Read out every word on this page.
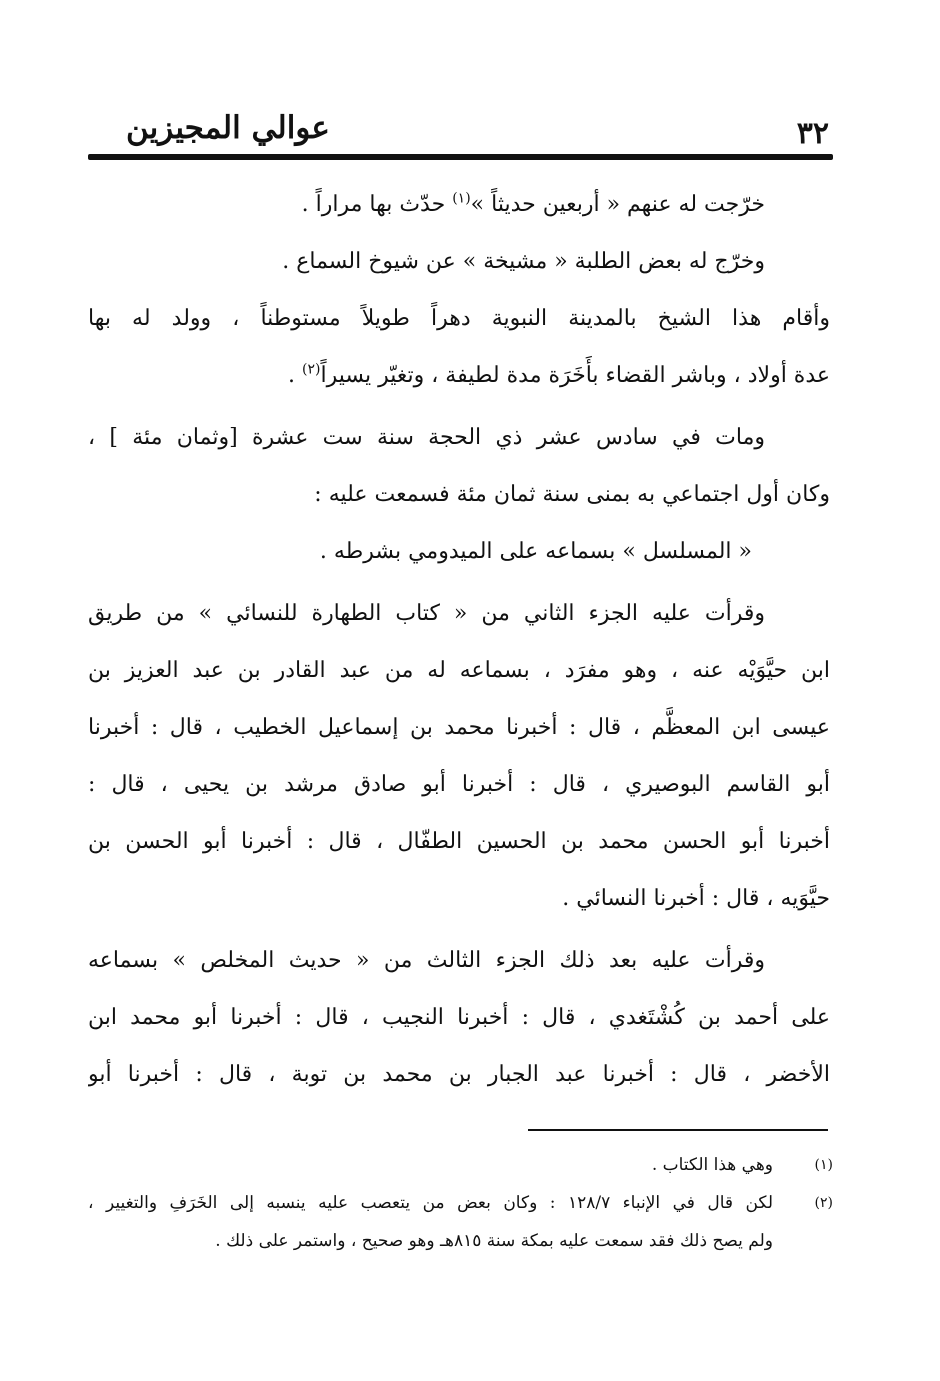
٣٢
عوالي المجيزين
خرّجت له عنهم « أربعين حديثاً »$^{(١)}$ حدّث بها مراراً .
وخرّج له بعض الطلبة « مشيخة » عن شيوخ السماع .
وأقام هذا الشيخ بالمدينة النبوية دهراً طويلاً مستوطناً ، وولد له بها
عدة أولاد ، وباشر القضاء بأَخَرَة مدة لطيفة ، وتغيّر يسيراً$^{(٢)}$ .
ومات في سادس عشر ذي الحجة سنة ست عشرة [وثمان مئة ] ،
وكان أول اجتماعي به بمنى سنة ثمان مئة فسمعت عليه :
« المسلسل » بسماعه على الميدومي بشرطه .
وقرأت عليه الجزء الثاني من « كتاب الطهارة للنسائي » من طريق
ابن حيَّوَيْه عنه ، وهو مفرَد ، بسماعه له من عبد القادر بن عبد العزيز بن
عيسى ابن المعظَّم ، قال : أخبرنا محمد بن إسماعيل الخطيب ، قال : أخبرنا
أبو القاسم البوصيري ، قال : أخبرنا أبو صادق مرشد بن يحيى ، قال :
أخبرنا أبو الحسن محمد بن الحسين الطفّال ، قال : أخبرنا أبو الحسن بن
حيَّوَيه ، قال : أخبرنا النسائي .
وقرأت عليه بعد ذلك الجزء الثالث من « حديث المخلص » بسماعه
على أحمد بن كُشْتَغدي ، قال : أخبرنا النجيب ، قال : أخبرنا أبو محمد ابن
الأخضر ، قال : أخبرنا عبد الجبار بن محمد بن توبة ، قال : أخبرنا أبو
(١)
وهي هذا الكتاب .
(٢)
لكن قال في الإنباء ١٢٨/٧ : وكان بعض من يتعصب عليه ينسبه إلى الخَرَفِ والتغيير ،
ولم يصح ذلك فقد سمعت عليه بمكة سنة ٨١٥هـ وهو صحيح ، واستمر على ذلك .
